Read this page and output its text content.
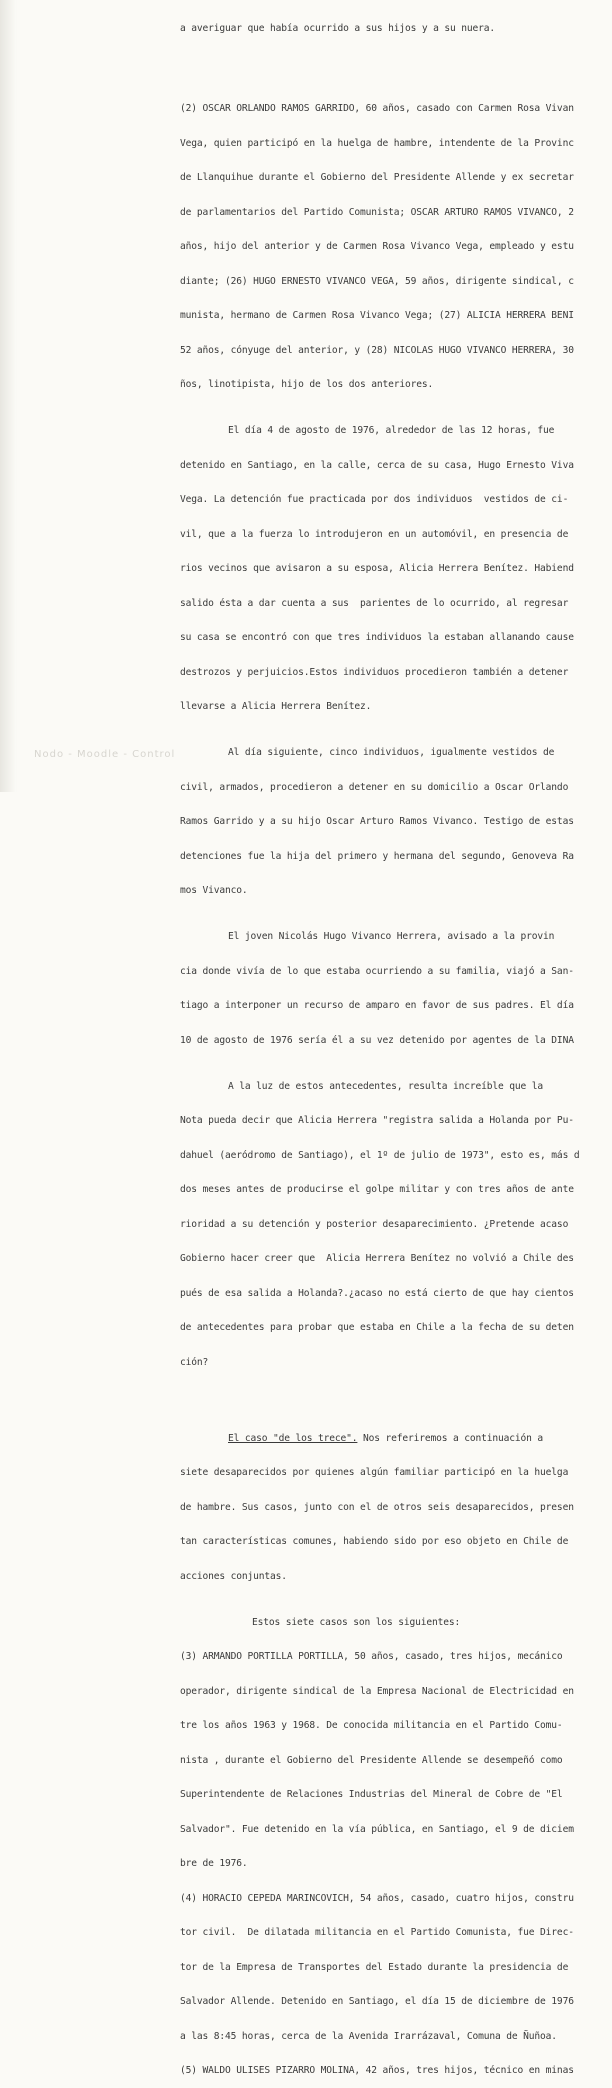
a averiguar que había ocurrido a sus hijos y a su nuera.

(2) OSCAR ORLANDO RAMOS GARRIDO, 60 años, casado con Carmen Rosa Vivan

Vega, quien participó en la huelga de hambre, intendente de la Provinc

de Llanquihue durante el Gobierno del Presidente Allende y ex secretar

de parlamentarios del Partido Comunista; OSCAR ARTURO RAMOS VIVANCO, 2

años, hijo del anterior y de Carmen Rosa Vivanco Vega, empleado y estu

diante; (26) HUGO ERNESTO VIVANCO VEGA, 59 años, dirigente sindical, c

munista, hermano de Carmen Rosa Vivanco Vega; (27) ALICIA HERRERA BENI

52 años, cónyuge del anterior, y (28) NICOLAS HUGO VIVANCO HERRERA, 30

ños, linotipista, hijo de los dos anteriores.

El día 4 de agosto de 1976, alrededor de las 12 horas, fue

detenido en Santiago, en la calle, cerca de su casa, Hugo Ernesto Viva

Vega. La detención fue practicada por dos individuos  vestidos de ci-

vil, que a la fuerza lo introdujeron en un automóvil, en presencia de

rios vecinos que avisaron a su esposa, Alicia Herrera Benítez. Habiend

salido ésta a dar cuenta a sus  parientes de lo ocurrido, al regresar

su casa se encontró con que tres individuos la estaban allanando cause

destrozos y perjuicios.Estos individuos procedieron también a detener

llevarse a Alicia Herrera Benítez.

Al día siguiente, cinco individuos, igualmente vestidos de

civil, armados, procedieron a detener en su domicilio a Oscar Orlando

Ramos Garrido y a su hijo Oscar Arturo Ramos Vivanco. Testigo de estas

detenciones fue la hija del primero y hermana del segundo, Genoveva Ra

mos Vivanco.

El joven Nicolás Hugo Vivanco Herrera, avisado a la provin

cia donde vivía de lo que estaba ocurriendo a su familia, viajó a San-

tiago a interponer un recurso de amparo en favor de sus padres. El día

10 de agosto de 1976 sería él a su vez detenido por agentes de la DINA

A la luz de estos antecedentes, resulta increíble que la

Nota pueda decir que Alicia Herrera "registra salida a Holanda por Pu-

dahuel (aeródromo de Santiago), el 1º de julio de 1973", esto es, más d

dos meses antes de producirse el golpe militar y con tres años de ante

rioridad a su detención y posterior desaparecimiento. ¿Pretende acaso

Gobierno hacer creer que  Alicia Herrera Benítez no volvió a Chile des

pués de esa salida a Holanda?.¿acaso no está cierto de que hay cientos

de antecedentes para probar que estaba en Chile a la fecha de su deten

ción?

El caso "de los trece". Nos referiremos a continuación a

siete desaparecidos por quienes algún familiar participó en la huelga

de hambre. Sus casos, junto con el de otros seis desaparecidos, presen

tan características comunes, habiendo sido por eso objeto en Chile de

acciones conjuntas.

Estos siete casos son los siguientes:

(3) ARMANDO PORTILLA PORTILLA, 50 años, casado, tres hijos, mecánico

operador, dirigente sindical de la Empresa Nacional de Electricidad en

tre los años 1963 y 1968. De conocida militancia en el Partido Comu-

nista , durante el Gobierno del Presidente Allende se desempeñó como

Superintendente de Relaciones Industrias del Mineral de Cobre de "El

Salvador". Fue detenido en la vía pública, en Santiago, el 9 de diciem

bre de 1976.

(4) HORACIO CEPEDA MARINCOVICH, 54 años, casado, cuatro hijos, constru

tor civil.  De dilatada militancia en el Partido Comunista, fue Direc-

tor de la Empresa de Transportes del Estado durante la presidencia de

Salvador Allende. Detenido en Santiago, el día 15 de diciembre de 1976

a las 8:45 horas, cerca de la Avenida Irarrázaval, Comuna de Ñuñoa.

(5) WALDO ULISES PIZARRO MOLINA, 42 años, tres hijos, técnico en minas

Nodo - Moodle - Control
